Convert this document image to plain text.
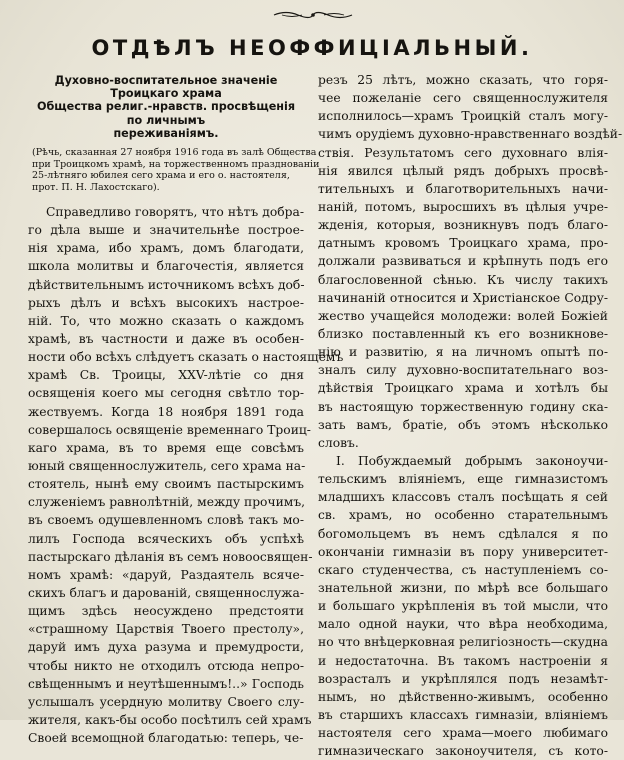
ОТДѢЛЪ НЕОФФИЦІАЛЬНЫЙ.
Духовно-воспитательное значеніе Троицкаго храма
Общества религ.-нравств. просвѣщенія по личнымъ
переживаніямъ.
(Рѣчь, сказанная 27 ноября 1916 года въ залѣ Общества
при Троицкомъ храмѣ, на торжественномъ празднованіи
25-лѣтняго юбилея сего храма и его о. настоятеля,
прот. П. Н. Лахостскаго).
Справедливо говорятъ, что нѣтъ добра-
го дѣла выше и значительнѣе построе-
нія храма, ибо храмъ, домъ благодати,
школа молитвы и благочестія, является
дѣйствительнымъ источникомъ всѣхъ доб-
рыхъ дѣлъ и всѣхъ высокихъ настрое-
ній. То, что можно сказать о каждомъ
храмѣ, въ частности и даже въ особен-
ности обо всѣхъ слѣдуетъ сказать о настоящемъ
храмѣ Св. Троицы, XXV-лѣтіе со дня
освященія коего мы сегодня свѣтло тор-
жествуемъ. Когда 18 ноября 1891 года
совершалось освященіе временнаго Троиц-
каго храма, въ то время еще совсѣмъ
юный священнослужитель, сего храма на-
стоятель, нынѣ ему своимъ пастырскимъ
служеніемъ равнолѣтній, между прочимъ,
въ своемъ одушевленномъ словѣ такъ мо-
лилъ Господа всяческихъ объ успѣхѣ
пастырскаго дѣланія въ семъ новоосвящен-
номъ храмѣ: «даруй, Раздаятель всяче-
скихъ благъ и дарованій, священнослужа-
щимъ здѣсь неосуждено предстояти
«страшному Царствія Твоего престолу»,
даруй имъ духа разума и премудрости,
чтобы никто не отходилъ отсюда непро-
свѣщеннымъ и неутѣшеннымъ!..» Господь
услышалъ усердную молитву Своего слу-
жителя, какъ-бы особо посѣтилъ сей храмъ
Своей всемощной благодатью: теперь, че-
резъ 25 лѣтъ, можно сказать, что горя-
чее пожеланіе сего священнослужителя
исполнилось—храмъ Троицкій сталъ могу-
чимъ орудіемъ духовно-нравственнаго воздѣй-
ствія. Результатомъ сего духовнаго влія-
нія явился цѣлый рядъ добрыхъ просвѣ-
тительныхъ и благотворительныхъ начи-
наній, потомъ, выросшихъ въ цѣлыя учре-
жденія, которыя, возникнувъ подъ благо-
датнымъ кровомъ Троицкаго храма, про-
должали развиваться и крѣпнуть подъ его
благословенной сѣнью. Къ числу такихъ
начинаній относится и Христіанское Содру-
жество учащейся молодежи: волей Божіей
близко поставленный къ его возникнове-
нію и развитію, я на личномъ опытѣ по-
зналъ силу духовно-воспитательнаго воз-
дѣйствія Троицкаго храма и хотѣлъ бы
въ настоящую торжественную годину ска-
зать вамъ, братіе, объ этомъ нѣсколько
словъ.
I. Побуждаемый добрымъ законоучи-
тельскимъ вліяніемъ, еще гимназистомъ
младшихъ классовъ сталъ посѣщать я сей
св. храмъ, но особенно старательнымъ
богомольцемъ въ немъ сдѣлался я по
окончаніи гимназіи въ пору университет-
скаго студенчества, съ наступленіемъ со-
знательной жизни, по мѣрѣ все большаго
и большаго укрѣпленія въ той мысли, что
мало одной науки, что вѣра необходима,
но что внѣцерковная религіозность—скудна
и недостаточна. Въ такомъ настроеніи я
возрасталъ и укрѣплялся подъ незамѣт-
нымъ, но дѣйственно-живымъ, особенно
въ старшихъ классахъ гимназіи, вліяніемъ
настоятеля сего храма—моего любимаго
гимназическаго законоучителя, съ кото-
